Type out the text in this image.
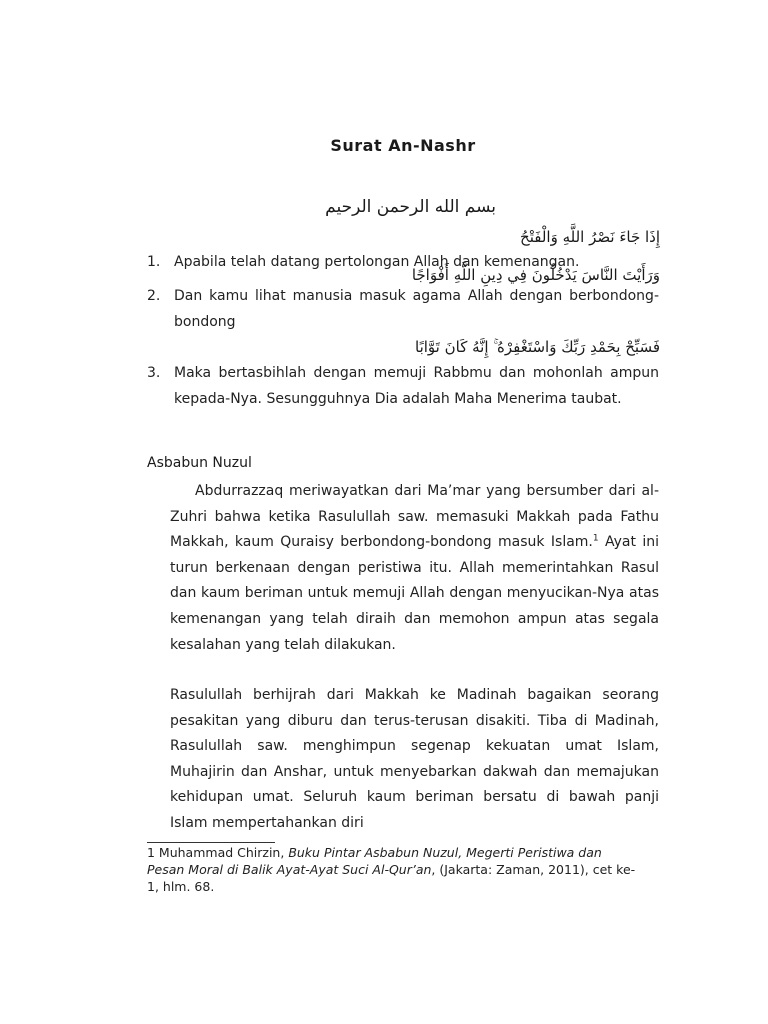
Surat An-Nashr
بسم الله الرحمن الرحيم
إِذَا جَاءَ نَصْرُ اللَّهِ وَالْفَتْحُ
1. Apabila telah datang pertolongan Allah dan kemenangan.
وَرَأَيْتَ النَّاسَ يَدْخُلُونَ فِي دِينِ اللَّهِ أَفْوَاجًا
2. Dan kamu lihat manusia masuk agama Allah dengan berbondong-bondong
فَسَبِّحْ بِحَمْدِ رَبِّكَ وَاسْتَغْفِرْهُ ۚ إِنَّهُ كَانَ تَوَّابًا
3. Maka bertasbihlah dengan memuji Rabbmu dan mohonlah ampun kepada-Nya. Sesungguhnya Dia adalah Maha Menerima taubat.
Asbabun Nuzul
Abdurrazzaq meriwayatkan dari Ma’mar yang bersumber dari al-Zuhri bahwa ketika Rasulullah saw. memasuki Makkah pada Fathu Makkah, kaum Quraisy berbondong-bondong masuk Islam.$^1$ Ayat ini turun berkenaan dengan peristiwa itu. Allah memerintahkan Rasul dan kaum beriman untuk memuji Allah dengan menyucikan-Nya atas kemenangan yang telah diraih dan memohon ampun atas segala kesalahan yang telah dilakukan.
Rasulullah berhijrah dari Makkah ke Madinah bagaikan seorang pesakitan yang diburu dan terus-terusan disakiti. Tiba di Madinah, Rasulullah saw. menghimpun segenap kekuatan umat Islam, Muhajirin dan Anshar, untuk menyebarkan dakwah dan memajukan kehidupan umat. Seluruh kaum beriman bersatu di bawah panji Islam mempertahankan diri
1 Muhammad Chirzin, Buku Pintar Asbabun Nuzul, Megerti Peristiwa dan Pesan Moral di Balik Ayat-Ayat Suci Al-Qur’an, (Jakarta: Zaman, 2011), cet ke-1, hlm. 68.
